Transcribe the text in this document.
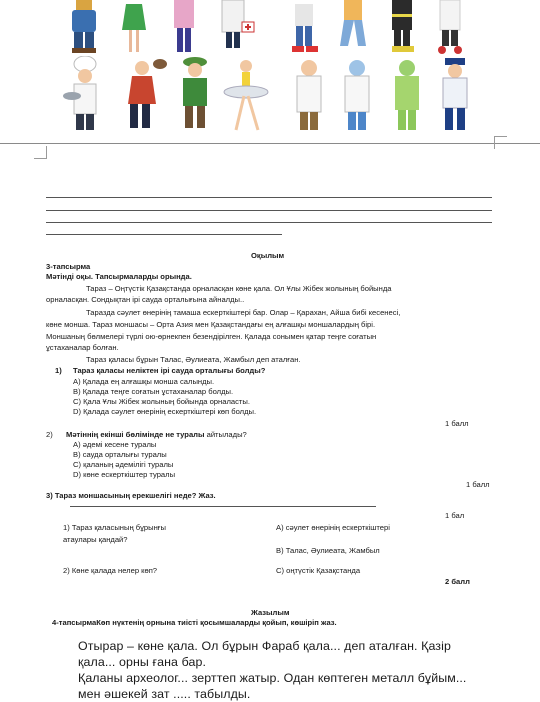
Оқылым
3-тапсырма
Мәтінді оқы. Тапсырмаларды орында.
Тараз – Оңтүстік Қазақстанда орналасқан көне қала. Ол Ұлы Жібек жолының бойында
орналасқан. Сондықтан ірі сауда орталығына айналды..
Таразда сәулет өнерінің тамаша ескерткіштері бар. Олар – Қарахан, Айша бибі кесенесі,
көне монша. Тараз моншасы – Орта Азия мен Қазақстандағы ең алғашқы моншалардың бірі.
Моншаның бөлмелері түрлі ою-өрнекпен безендірілген. Қалада сонымен қатар теңге соғатын
ұстаханалар болған.
Тараз қаласы бұрын Талас, Әулиеата, Жамбыл деп аталған.
1) Тараз қаласы неліктен ірі сауда орталығы болды?
А) Қалада ең алғашқы монша салынды.
В) Қалада теңге соғатын ұстаханалар болды.
С) Қала Ұлы Жібек жолының бойында орналасты.
D) Қалада сәулет өнерінің ескерткіштері көп болды.
1 балл
2) Мәтіннің екінші бөлімінде не туралы айтылады?
А) әдемі кесене туралы
В) сауда орталығы туралы
С) қаланың әдемілігі туралы
D) көне ескерткіштер туралы
1 балл
3) Тараз моншасының ерекшелігі неде? Жаз.
1 бал
1) Тараз қаласының бұрынғы
атаулары қандай?
А) сәулет өнерінің ескерткіштері
В) Талас, Әулиеата, Жамбыл
2) Көне қалада нелер көп?	С) оңтүстік Қазақстанда
2 балл
Жазылым
4-тапсырмаКөп нүктенің орнына тиісті қосымшаларды қойып, көшіріп жаз.
Отырар – көне қала. Ол бұрын Фараб қала... деп аталған. Қазір
қала... орны ғана бар.
Қаланы археолог... зерттеп жатыр. Одан көптеген металл бұйым...
мен әшекей зат ..... табылды.
